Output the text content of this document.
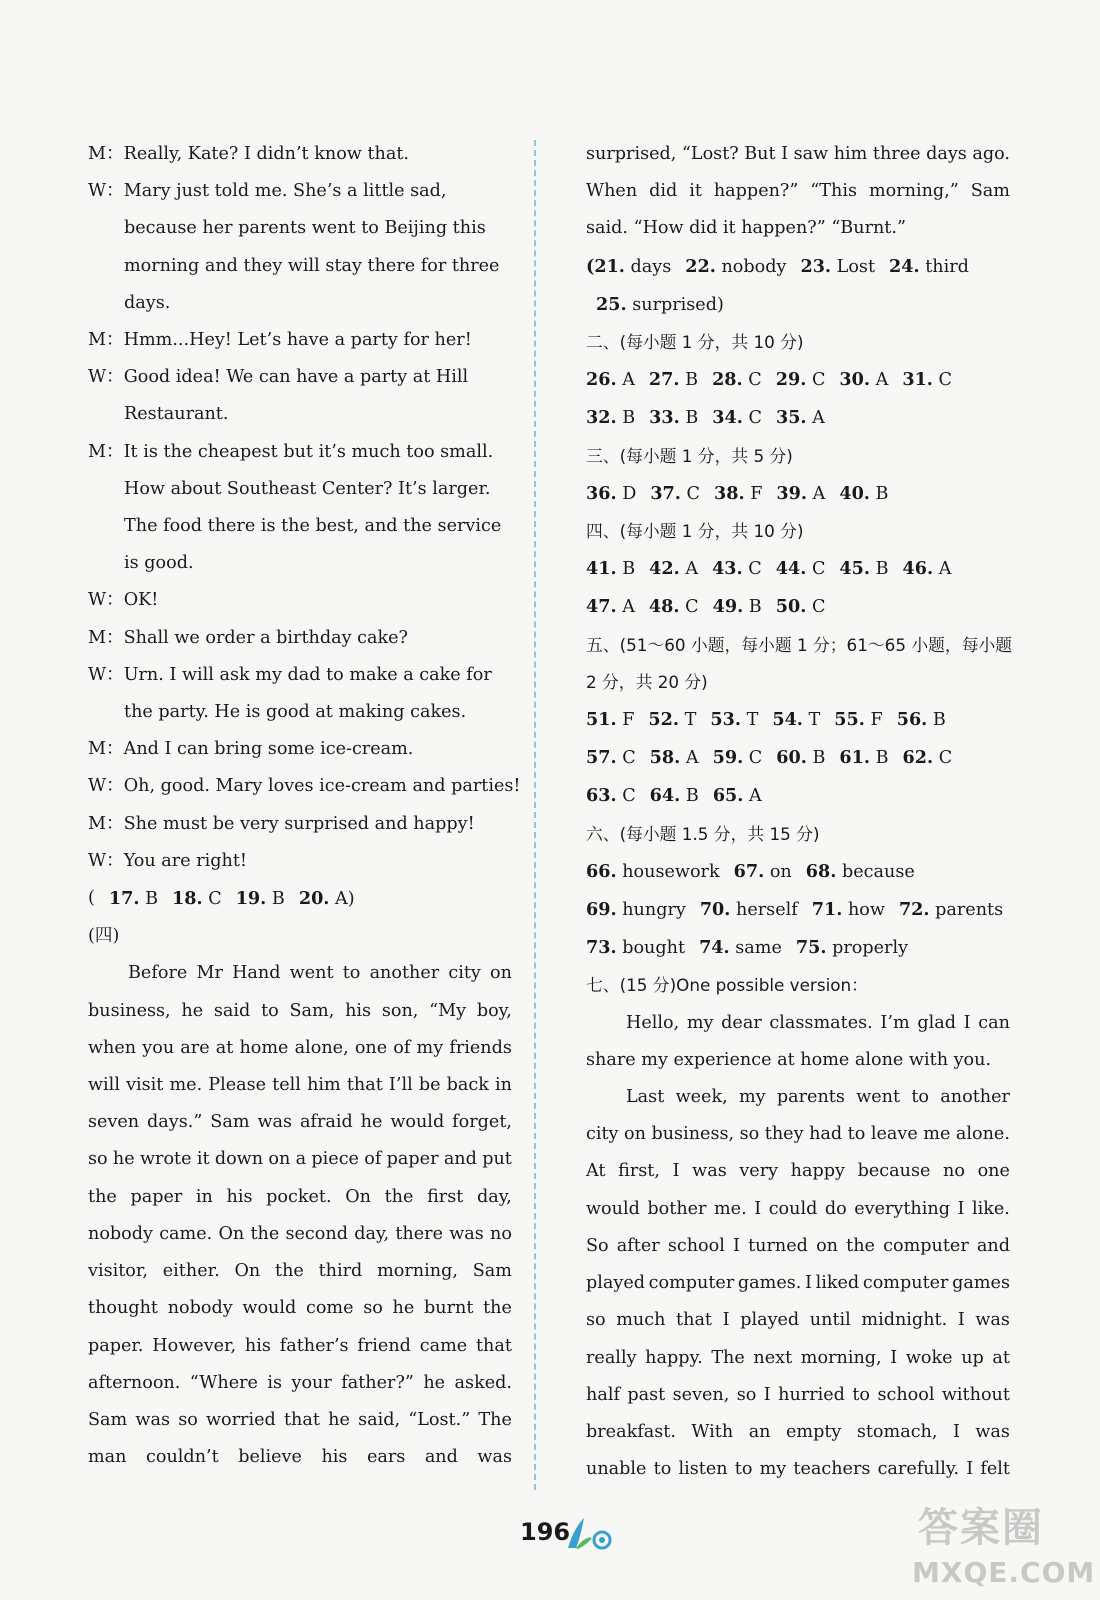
M：Really, Kate? I didn’t know that.
W：Mary just told me. She’s a little sad,
because her parents went to Beijing this
morning and they will stay there for three
days.
M：Hmm...Hey! Let’s have a party for her!
W：Good idea! We can have a party at Hill
Restaurant.
M：It is the cheapest but it’s much too small.
How about Southeast Center? It’s larger.
The food there is the best, and the service
is good.
W：OK!
M：Shall we order a birthday cake?
W：Urn. I will ask my dad to make a cake for
the party. He is good at making cakes.
M：And I can bring some ice-cream.
W：Oh, good. Mary loves ice-cream and parties!
M：She must be very surprised and happy!
W：You are right!
( 17. B 18. C 19. B 20. A)
(四)
Before Mr Hand went to another city on
business, he said to Sam, his son, “My boy,
when you are at home alone, one of my friends
will visit me. Please tell him that I’ll be back in
seven days.” Sam was afraid he would forget,
so he wrote it down on a piece of paper and put
the paper in his pocket. On the first day,
nobody came. On the second day, there was no
visitor, either. On the third morning, Sam
thought nobody would come so he burnt the
paper. However, his father’s friend came that
afternoon. “Where is your father?” he asked.
Sam was so worried that he said, “Lost.” The
man couldn’t believe his ears and was
surprised, “Lost? But I saw him three days ago.
When did it happen?” “This morning,” Sam
said. “How did it happen?” “Burnt.”
(21. days 22. nobody 23. Lost 24. third
25. surprised)
二、(每小题 1 分，共 10 分)
26. A 27. B 28. C 29. C 30. A 31. C
32. B 33. B 34. C 35. A
三、(每小题 1 分，共 5 分)
36. D 37. C 38. F 39. A 40. B
四、(每小题 1 分，共 10 分)
41. B 42. A 43. C 44. C 45. B 46. A
47. A 48. C 49. B 50. C
五、(51～60 小题，每小题 1 分；61～65 小题，每小题
2 分，共 20 分)
51. F 52. T 53. T 54. T 55. F 56. B
57. C 58. A 59. C 60. B 61. B 62. C
63. C 64. B 65. A
六、(每小题 1.5 分，共 15 分)
66. housework 67. on 68. because
69. hungry 70. herself 71. how 72. parents
73. bought 74. same 75. properly
七、(15 分)One possible version：
Hello, my dear classmates. I’m glad I can
share my experience at home alone with you.
Last week, my parents went to another
city on business, so they had to leave me alone.
At first, I was very happy because no one
would bother me. I could do everything I like.
So after school I turned on the computer and
played computer games. I liked computer games
so much that I played until midnight. I was
really happy. The next morning, I woke up at
half past seven, so I hurried to school without
breakfast. With an empty stomach, I was
unable to listen to my teachers carefully. I felt
196	答案圈
MXQE.COM
